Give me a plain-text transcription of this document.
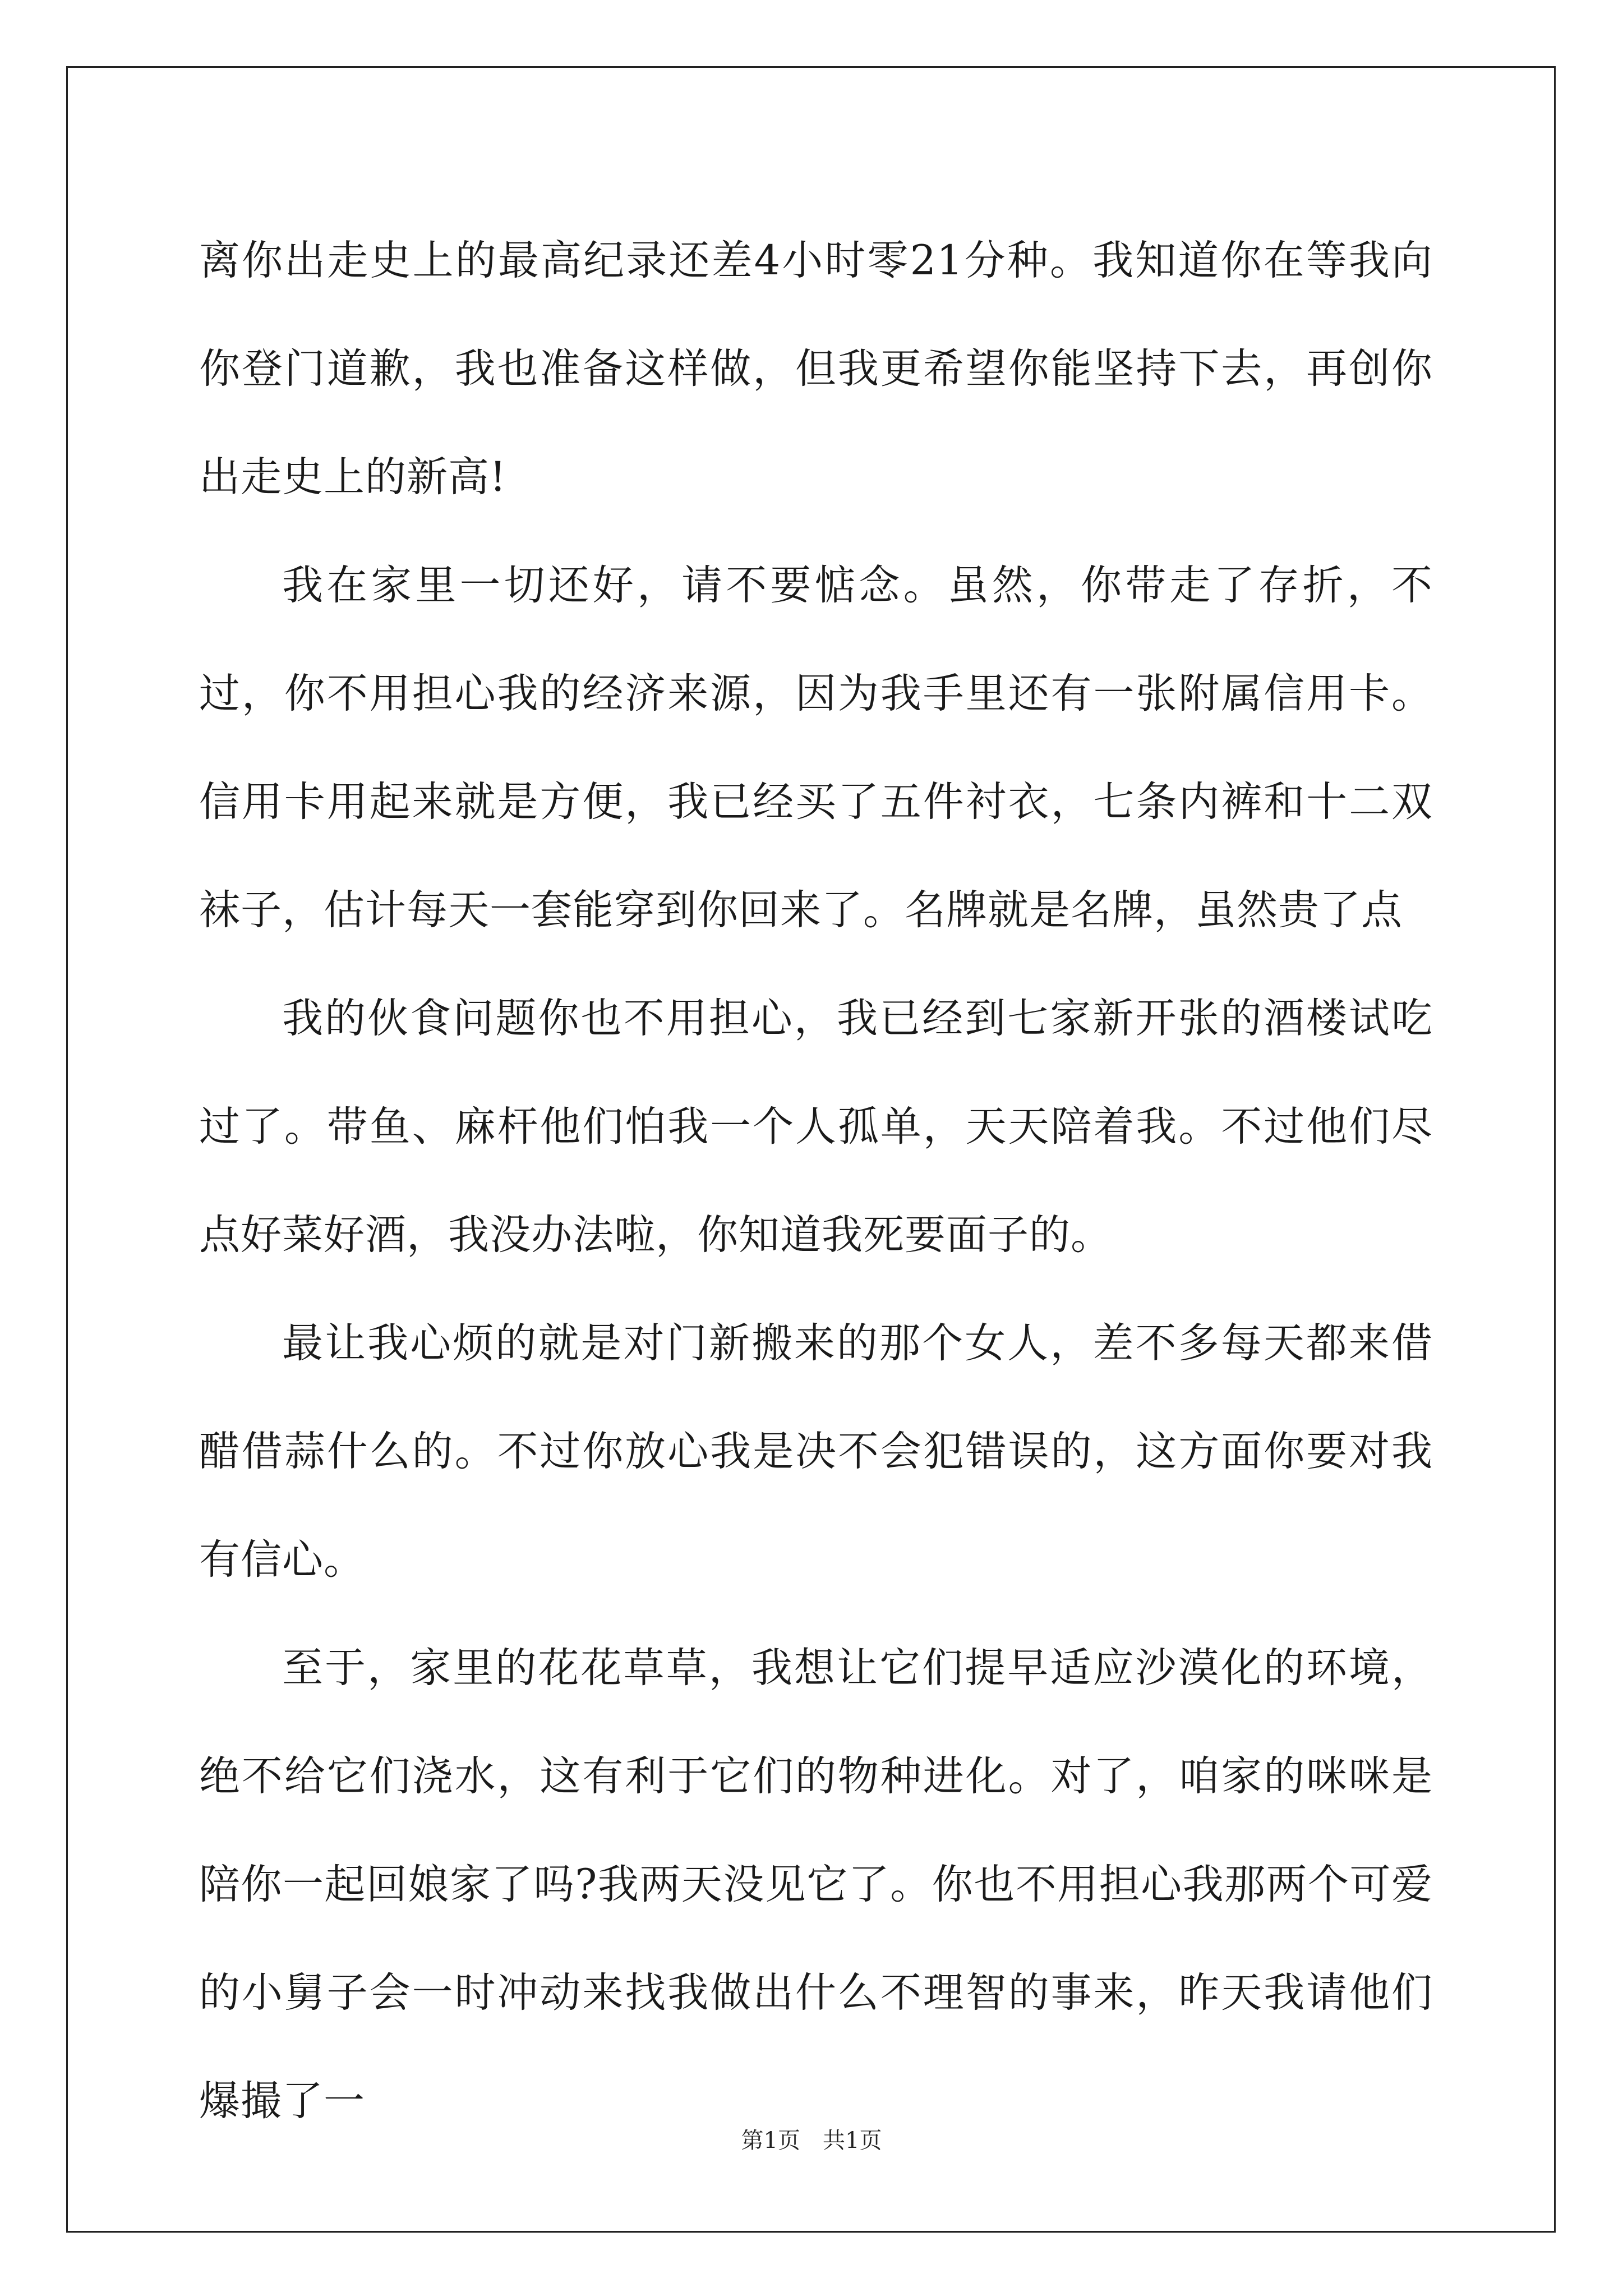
离你出走史上的最高纪录还差4小时零21分种。我知道你在等我向你登门道歉，我也准备这样做，但我更希望你能坚持下去，再创你出走史上的新高!

我在家里一切还好，请不要惦念。虽然，你带走了存折，不过，你不用担心我的经济来源，因为我手里还有一张附属信用卡。信用卡用起来就是方便，我已经买了五件衬衣，七条内裤和十二双袜子，估计每天一套能穿到你回来了。名牌就是名牌，虽然贵了点

我的伙食问题你也不用担心，我已经到七家新开张的酒楼试吃过了。带鱼、麻杆他们怕我一个人孤单，天天陪着我。不过他们尽点好菜好酒，我没办法啦，你知道我死要面子的。

最让我心烦的就是对门新搬来的那个女人，差不多每天都来借醋借蒜什么的。不过你放心我是决不会犯错误的，这方面你要对我有信心。

至于，家里的花花草草，我想让它们提早适应沙漠化的环境，绝不给它们浇水，这有利于它们的物种进化。对了，咱家的咪咪是陪你一起回娘家了吗?我两天没见它了。你也不用担心我那两个可爱的小舅子会一时冲动来找我做出什么不理智的事来，昨天我请他们爆撮了一

第1页　共1页
